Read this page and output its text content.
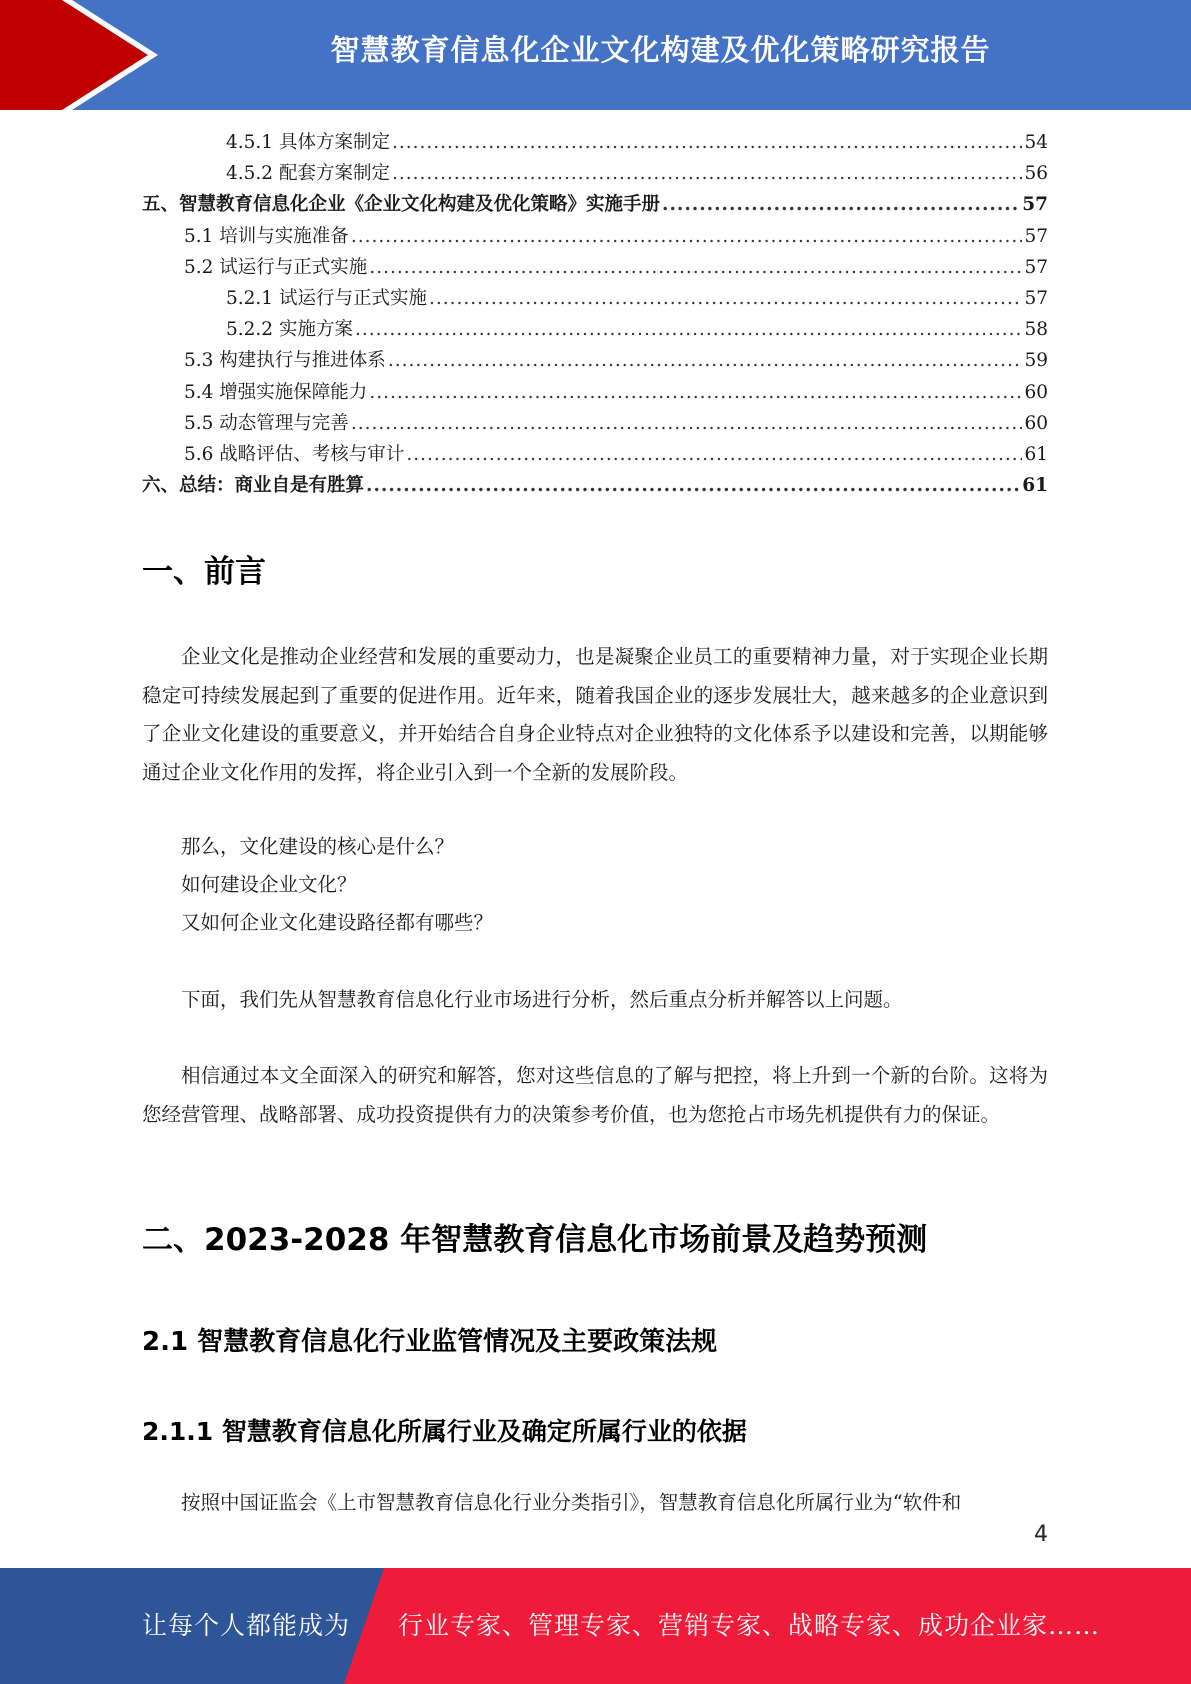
智慧教育信息化企业文化构建及优化策略研究报告
4.5.1 具体方案制定 .....	54
4.5.2 配套方案制定 .....	56
五、智慧教育信息化企业《企业文化构建及优化策略》实施手册 .....	57
5.1 培训与实施准备 .....	57
5.2 试运行与正式实施 .....	57
5.2.1 试运行与正式实施 .....	57
5.2.2 实施方案 .....	58
5.3 构建执行与推进体系 .....	59
5.4 增强实施保障能力 .....	60
5.5 动态管理与完善 .....	60
5.6 战略评估、考核与审计 .....	61
六、总结：商业自是有胜算 .....	61
一、前言

企业文化是推动企业经营和发展的重要动力，也是凝聚企业员工的重要精神力量，对于实现企业长期稳定可持续发展起到了重要的促进作用。近年来，随着我国企业的逐步发展壮大，越来越多的企业意识到了企业文化建设的重要意义，并开始结合自身企业特点对企业独特的文化体系予以建设和完善，以期能够通过企业文化作用的发挥，将企业引入到一个全新的发展阶段。

那么，文化建设的核心是什么？

如何建设企业文化？

又如何企业文化建设路径都有哪些？

下面，我们先从智慧教育信息化行业市场进行分析，然后重点分析并解答以上问题。

相信通过本文全面深入的研究和解答，您对这些信息的了解与把控，将上升到一个新的台阶。这将为您经营管理、战略部署、成功投资提供有力的决策参考价值，也为您抢占市场先机提供有力的保证。

二、2023-2028 年智慧教育信息化市场前景及趋势预测
2.1 智慧教育信息化行业监管情况及主要政策法规
2.1.1 智慧教育信息化所属行业及确定所属行业的依据

按照中国证监会《上市智慧教育信息化行业分类指引》，智慧教育信息化所属行业为“软件和

4
让每个人都能成为 行业专家、管理专家、营销专家、战略专家、成功企业家……
